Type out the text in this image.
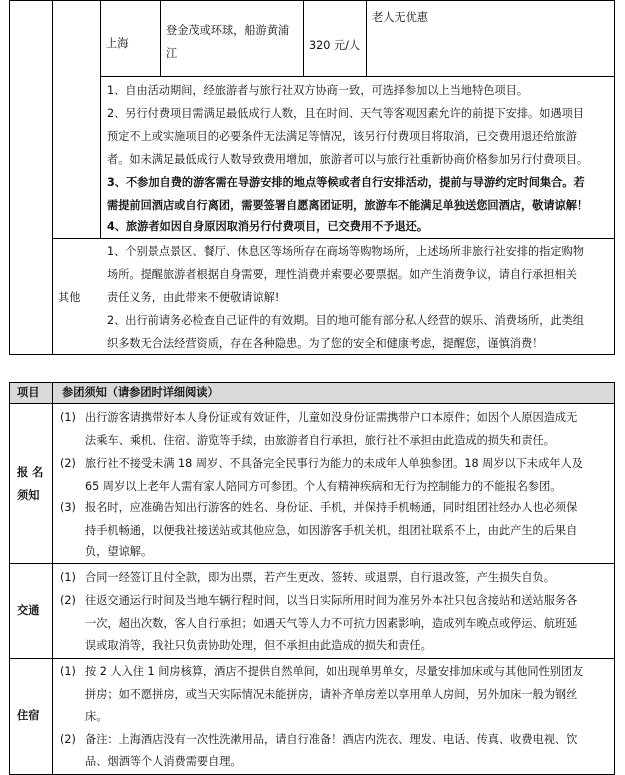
上海
登金茂或环球，船游黄浦
江
320 元/人
老人无优惠
1、自由活动期间，经旅游者与旅行社双方协商一致，可选择参加以上当地特色项目。
2、另行付费项目需满足最低成行人数，且在时间、天气等客观因素允许的前提下安排。如遇项目
预定不上或实施项目的必要条件无法满足等情况，该另行付费项目将取消，已交费用退还给旅游
者。如未满足最低成行人数导致费用增加，旅游者可以与旅行社重新协商价格参加另行付费项目。
3、不参加自费的游客需在导游安排的地点等候或者自行安排活动，提前与导游约定时间集合。若
需提前回酒店或自行离团，需要签署自愿离团证明，旅游车不能满足单独送您回酒店，敬请谅解！
4、旅游者如因自身原因取消另行付费项目，已交费用不予退还。
其他
1、个别景点景区、餐厅、休息区等场所存在商场等购物场所，上述场所非旅行社安排的指定购物
场所。提醒旅游者根据自身需要，理性消费并索要必要票据。如产生消费争议，请自行承担相关
责任义务，由此带来不便敬请谅解!
2、出行前请务必检查自己证件的有效期。目的地可能有部分私人经营的娱乐、消费场所，此类组
织多数无合法经营资质，存在各种隐患。为了您的安全和健康考虑，提醒您，谨慎消费！
项目 参团须知（请参团时详细阅读）
报 名
须知
(1) 出行游客请携带好本人身份证或有效证件，儿童如没身份证需携带户口本原件；如因个人原因造成无
法乘车、乘机、住宿、游览等手续，由旅游者自行承担，旅行社不承担由此造成的损失和责任。
(2) 旅行社不接受未满 18 周岁、不具备完全民事行为能力的未成年人单独参团。18 周岁以下未成年人及
65 周岁以上老年人需有家人陪同方可参团。个人有精神疾病和无行为控制能力的不能报名参团。
(3) 报名时，应准确告知出行游客的姓名、身份证、手机，并保持手机畅通，同时组团社经办人也必须保
持手机畅通，以便我社接送站或其他应急，如因游客手机关机，组团社联系不上，由此产生的后果自
负，望谅解。
交通
(1) 合同一经签订且付全款，即为出票，若产生更改、签转、或退票，自行退改签，产生损失自负。
(2) 往返交通运行时间及当地车辆行程时间，以当日实际所用时间为准另外本社只包含接站和送站服务各
一次，超出次数，客人自行承担；如遇天气等人力不可抗力因素影响，造成列车晚点或停运、航班延
误或取消等，我社只负责协助处理，但不承担由此造成的损失和责任。
住宿
(1) 按 2 人入住 1 间房核算，酒店不提供自然单间，如出现单男单女，尽量安排加床或与其他同性别团友
拼房；如不愿拼房，或当天实际情况未能拼房，请补齐单房差以享用单人房间，另外加床一般为钢丝
床。
(2) 备注：上海酒店没有一次性洗漱用品，请自行准备！酒店内洗衣、理发、电话、传真、收费电视、饮
品、烟酒等个人消费需要自理。
